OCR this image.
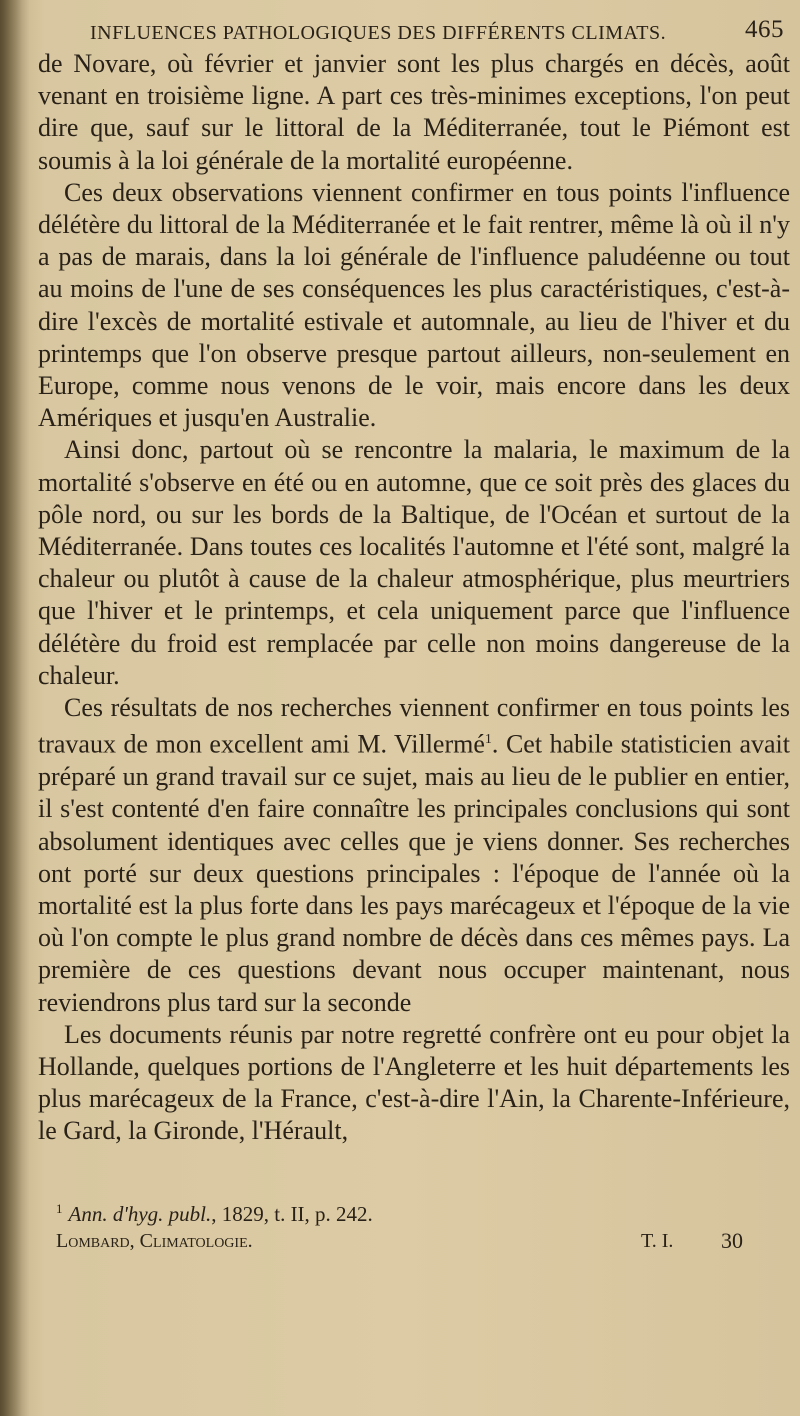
INFLUENCES PATHOLOGIQUES DES DIFFÉRENTS CLIMATS.	465

de Novare, où février et janvier sont les plus chargés en décès, août venant en troisième ligne. A part ces très-minimes exceptions, l'on peut dire que, sauf sur le littoral de la Méditerranée, tout le Piémont est soumis à la loi générale de la mortalité européenne.

Ces deux observations viennent confirmer en tous points l'influence délétère du littoral de la Méditerranée et le fait rentrer, même là où il n'y a pas de marais, dans la loi générale de l'influence paludéenne ou tout au moins de l'une de ses conséquences les plus caractéristiques, c'est-à-dire l'excès de mortalité estivale et automnale, au lieu de l'hiver et du printemps que l'on observe presque partout ailleurs, non-seulement en Europe, comme nous venons de le voir, mais encore dans les deux Amériques et jusqu'en Australie.

Ainsi donc, partout où se rencontre la malaria, le maximum de la mortalité s'observe en été ou en automne, que ce soit près des glaces du pôle nord, ou sur les bords de la Baltique, de l'Océan et surtout de la Méditerranée. Dans toutes ces localités l'automne et l'été sont, malgré la chaleur ou plutôt à cause de la chaleur atmosphérique, plus meurtriers que l'hiver et le printemps, et cela uniquement parce que l'influence délétère du froid est remplacée par celle non moins dangereuse de la chaleur.

Ces résultats de nos recherches viennent confirmer en tous points les travaux de mon excellent ami M. Villermé$^1$. Cet habile statisticien avait préparé un grand travail sur ce sujet, mais au lieu de le publier en entier, il s'est contenté d'en faire connaître les principales conclusions qui sont absolument identiques avec celles que je viens donner. Ses recherches ont porté sur deux questions principales : l'époque de l'année où la mortalité est la plus forte dans les pays marécageux et l'époque de la vie où l'on compte le plus grand nombre de décès dans ces mêmes pays. La première de ces questions devant nous occuper maintenant, nous reviendrons plus tard sur la seconde

Les documents réunis par notre regretté confrère ont eu pour objet la Hollande, quelques portions de l'Angleterre et les huit départements les plus marécageux de la France, c'est-à-dire l'Ain, la Charente-Inférieure, le Gard, la Gironde, l'Hérault,

$^1$ Ann. d'hyg. publ., 1829, t. II, p. 242.
Lombard, Climatologie.	T. I. 30
